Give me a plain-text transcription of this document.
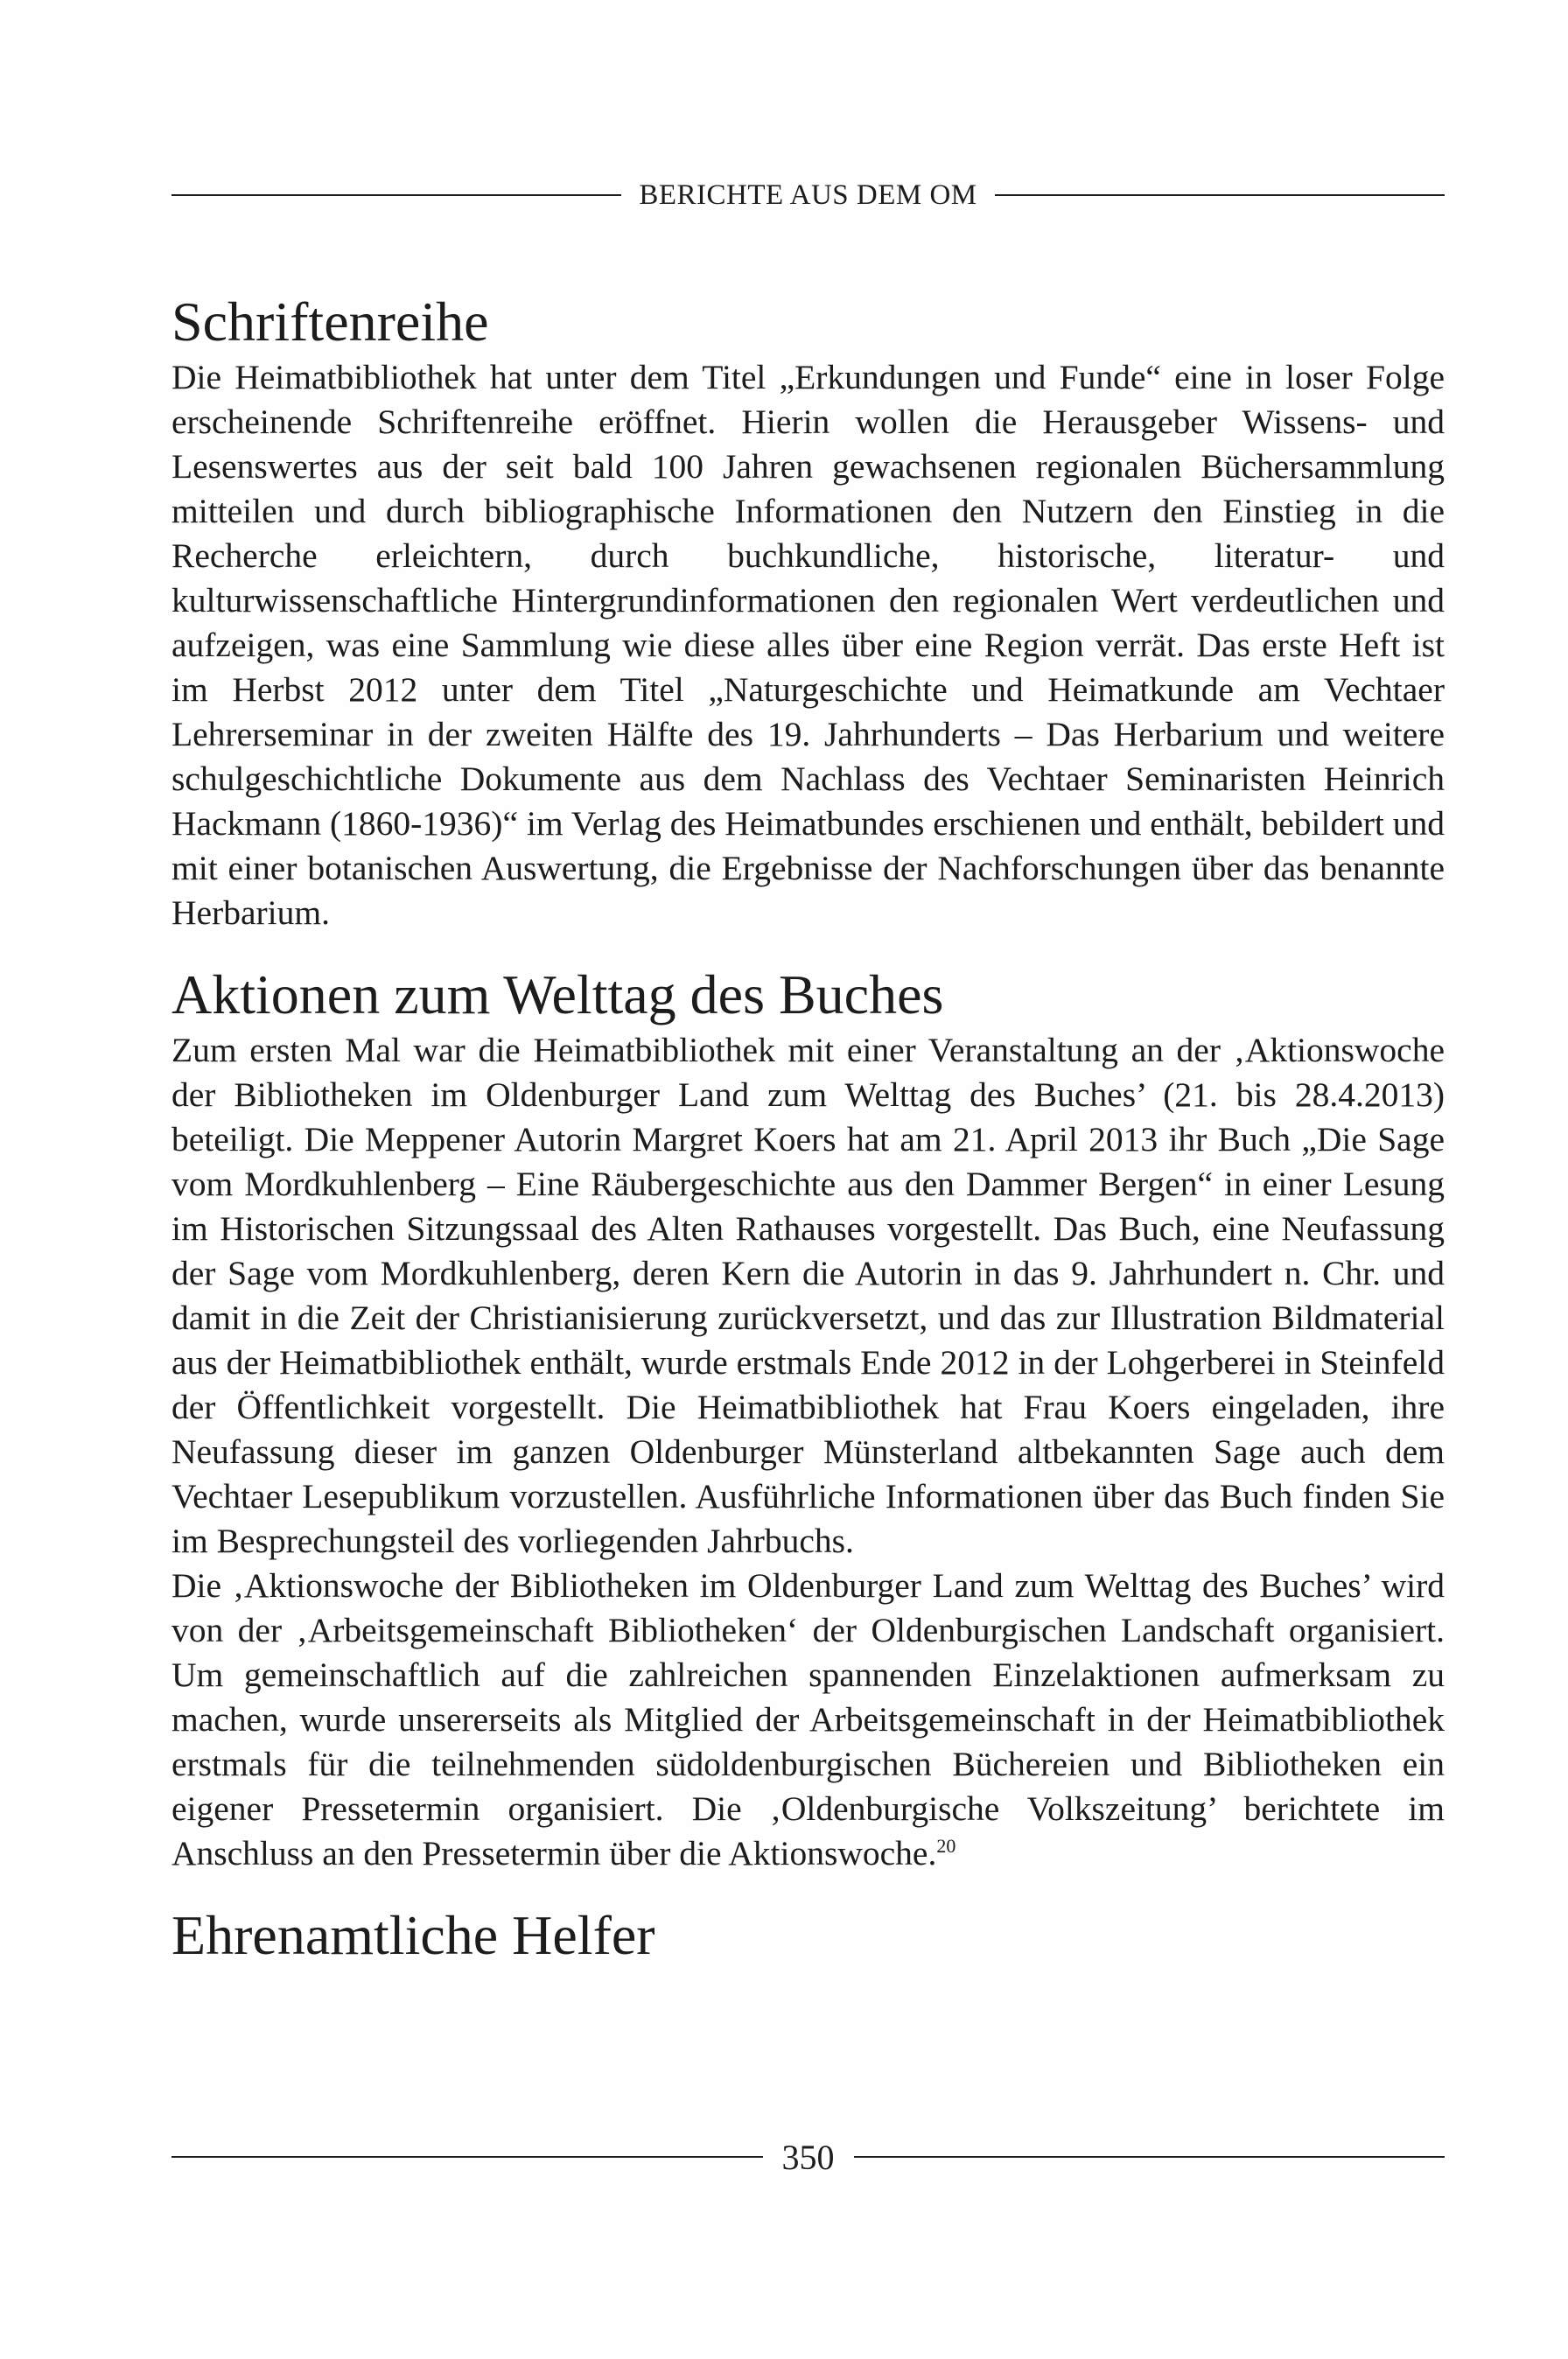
BERICHTE AUS DEM OM
Schriftenreihe

Die Heimatbibliothek hat unter dem Titel „Erkundungen und Funde“ eine in loser Folge erscheinende Schriftenreihe eröffnet. Hierin wollen die Herausgeber Wissens- und Lesenswertes aus der seit bald 100 Jahren gewachsenen regionalen Büchersammlung mitteilen und durch bibliographische Informationen den Nutzern den Einstieg in die Recherche erleichtern, durch buchkundliche, historische, literatur- und kulturwissenschaftliche Hintergrundinformationen den regionalen Wert verdeutlichen und aufzeigen, was eine Sammlung wie diese alles über eine Region verrät. Das erste Heft ist im Herbst 2012 unter dem Titel „Naturgeschichte und Heimatkunde am Vechtaer Lehrerseminar in der zweiten Hälfte des 19. Jahrhunderts – Das Herbarium und weitere schulgeschichtliche Dokumente aus dem Nachlass des Vechtaer Seminaristen Heinrich Hackmann (1860-1936)“ im Verlag des Heimatbundes erschienen und enthält, bebildert und mit einer botanischen Auswertung, die Ergebnisse der Nachforschungen über das benannte Herbarium.

Aktionen zum Welttag des Buches

Zum ersten Mal war die Heimatbibliothek mit einer Veranstaltung an der ‚Aktionswoche der Bibliotheken im Oldenburger Land zum Welttag des Buches’ (21. bis 28.4.2013) beteiligt. Die Meppener Autorin Margret Koers hat am 21. April 2013 ihr Buch „Die Sage vom Mordkuhlenberg – Eine Räubergeschichte aus den Dammer Bergen“ in einer Lesung im Historischen Sitzungssaal des Alten Rathauses vorgestellt. Das Buch, eine Neufassung der Sage vom Mordkuhlenberg, deren Kern die Autorin in das 9. Jahrhundert n. Chr. und damit in die Zeit der Christianisierung zurückversetzt, und das zur Illustration Bildmaterial aus der Heimatbibliothek enthält, wurde erstmals Ende 2012 in der Lohgerberei in Steinfeld der Öffentlichkeit vorgestellt. Die Heimatbibliothek hat Frau Koers eingeladen, ihre Neufassung dieser im ganzen Oldenburger Münsterland altbekannten Sage auch dem Vechtaer Lesepublikum vorzustellen. Ausführliche Informationen über das Buch finden Sie im Besprechungsteil des vorliegenden Jahrbuchs.

Die ‚Aktionswoche der Bibliotheken im Oldenburger Land zum Welttag des Buches’ wird von der ‚Arbeitsgemeinschaft Bibliotheken‘ der Oldenburgischen Landschaft organisiert. Um gemeinschaftlich auf die zahlreichen spannenden Einzelaktionen aufmerksam zu machen, wurde unsererseits als Mitglied der Arbeitsgemeinschaft in der Heimatbibliothek erstmals für die teilnehmenden südoldenburgischen Büchereien und Bibliotheken ein eigener Pressetermin organisiert. Die ‚Oldenburgische Volkszeitung’ berichtete im Anschluss an den Pressetermin über die Aktionswoche.$^{20}$

Ehrenamtliche Helfer
350
